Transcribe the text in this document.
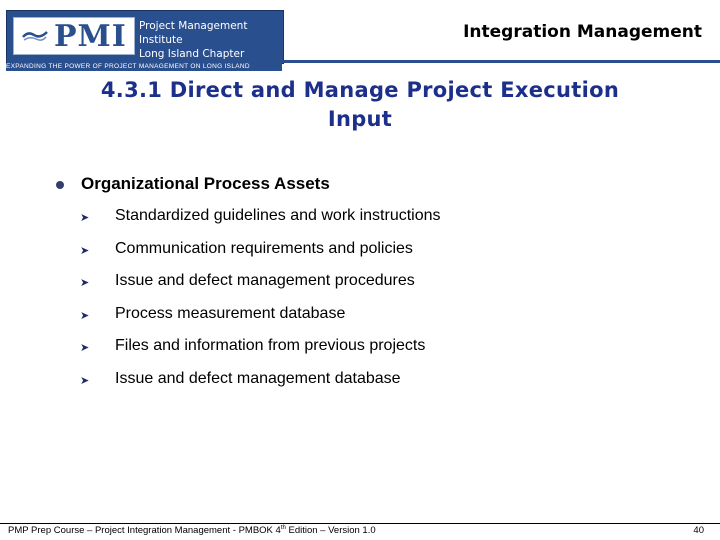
PMI Project Management Institute
Long Island Chapter
EXPANDING THE POWER OF PROJECT MANAGEMENT ON LONG ISLAND
Integration Management
4.3.1 Direct and Manage Project Execution
Input
Organizational Process Assets
➤ Standardized guidelines and work instructions
➤ Communication requirements and policies
➤ Issue and defect management procedures
➤ Process measurement database
➤ Files and information from previous projects
➤ Issue and defect management database
PMP Prep Course – Project Integration Management - PMBOK 4th Edition – Version 1.0	40
